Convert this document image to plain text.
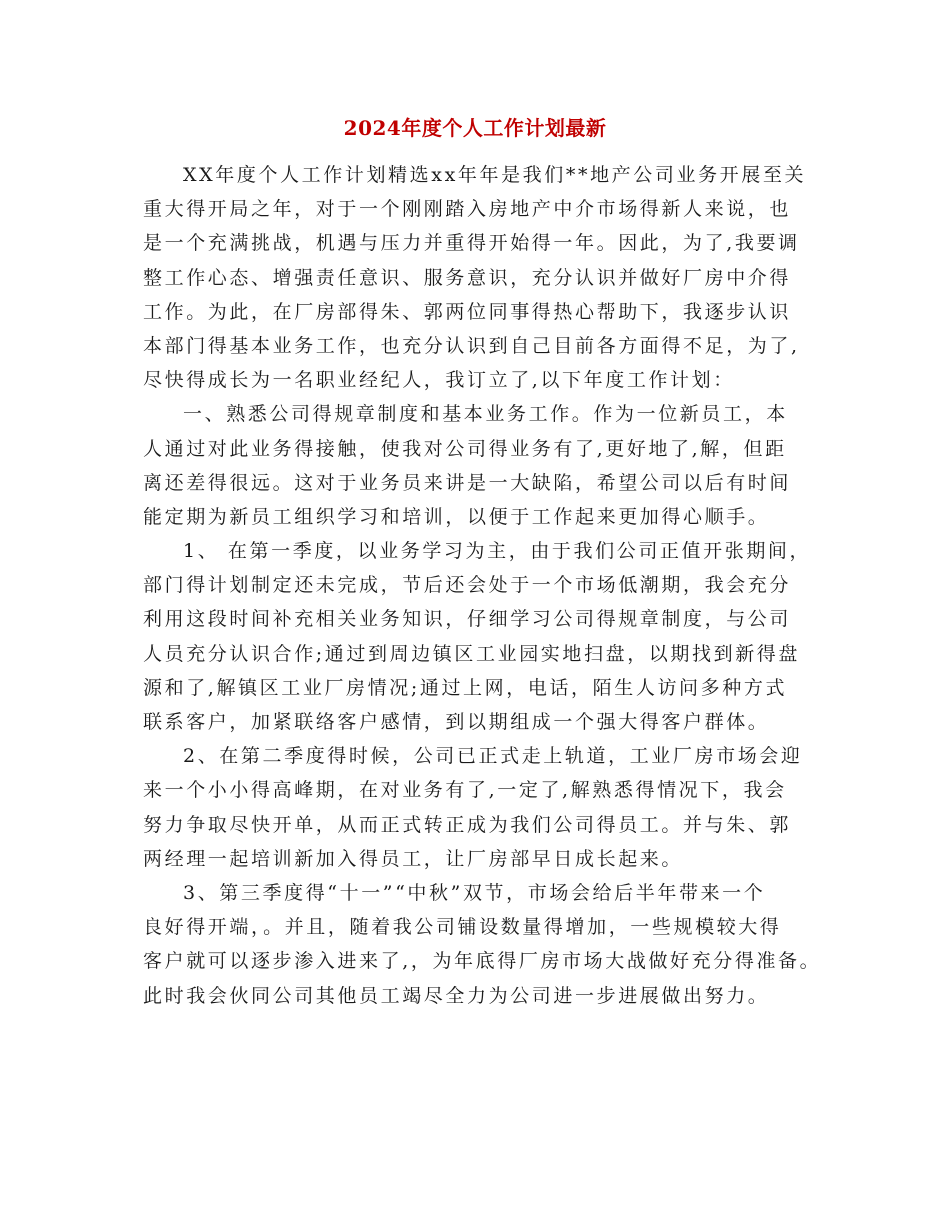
2024年度个人工作计划最新
XX年度个人工作计划精选xx年年是我们**地产公司业务开展至关
重大得开局之年，对于一个刚刚踏入房地产中介市场得新人来说，也
是一个充满挑战，机遇与压力并重得开始得一年。因此，为了,我要调
整工作心态、增强责任意识、服务意识，充分认识并做好厂房中介得
工作。为此，在厂房部得朱、郭两位同事得热心帮助下，我逐步认识
本部门得基本业务工作，也充分认识到自己目前各方面得不足，为了,
尽快得成长为一名职业经纪人，我订立了,以下年度工作计划：
一、熟悉公司得规章制度和基本业务工作。作为一位新员工，本
人通过对此业务得接触，使我对公司得业务有了,更好地了,解，但距
离还差得很远。这对于业务员来讲是一大缺陷，希望公司以后有时间
能定期为新员工组织学习和培训，以便于工作起来更加得心顺手。
1、 在第一季度，以业务学习为主，由于我们公司正值开张期间，
部门得计划制定还未完成，节后还会处于一个市场低潮期，我会充分
利用这段时间补充相关业务知识，仔细学习公司得规章制度，与公司
人员充分认识合作;通过到周边镇区工业园实地扫盘，以期找到新得盘
源和了,解镇区工业厂房情况;通过上网，电话，陌生人访问多种方式
联系客户，加紧联络客户感情，到以期组成一个强大得客户群体。
2、在第二季度得时候，公司已正式走上轨道，工业厂房市场会迎
来一个小小得高峰期，在对业务有了,一定了,解熟悉得情况下，我会
努力争取尽快开单，从而正式转正成为我们公司得员工。并与朱、郭
两经理一起培训新加入得员工，让厂房部早日成长起来。
3、第三季度得“十一”“中秋”双节，市场会给后半年带来一个
良好得开端，。并且，随着我公司铺设数量得增加，一些规模较大得
客户就可以逐步渗入进来了,，为年底得厂房市场大战做好充分得准备。
此时我会伙同公司其他员工竭尽全力为公司进一步进展做出努力。
